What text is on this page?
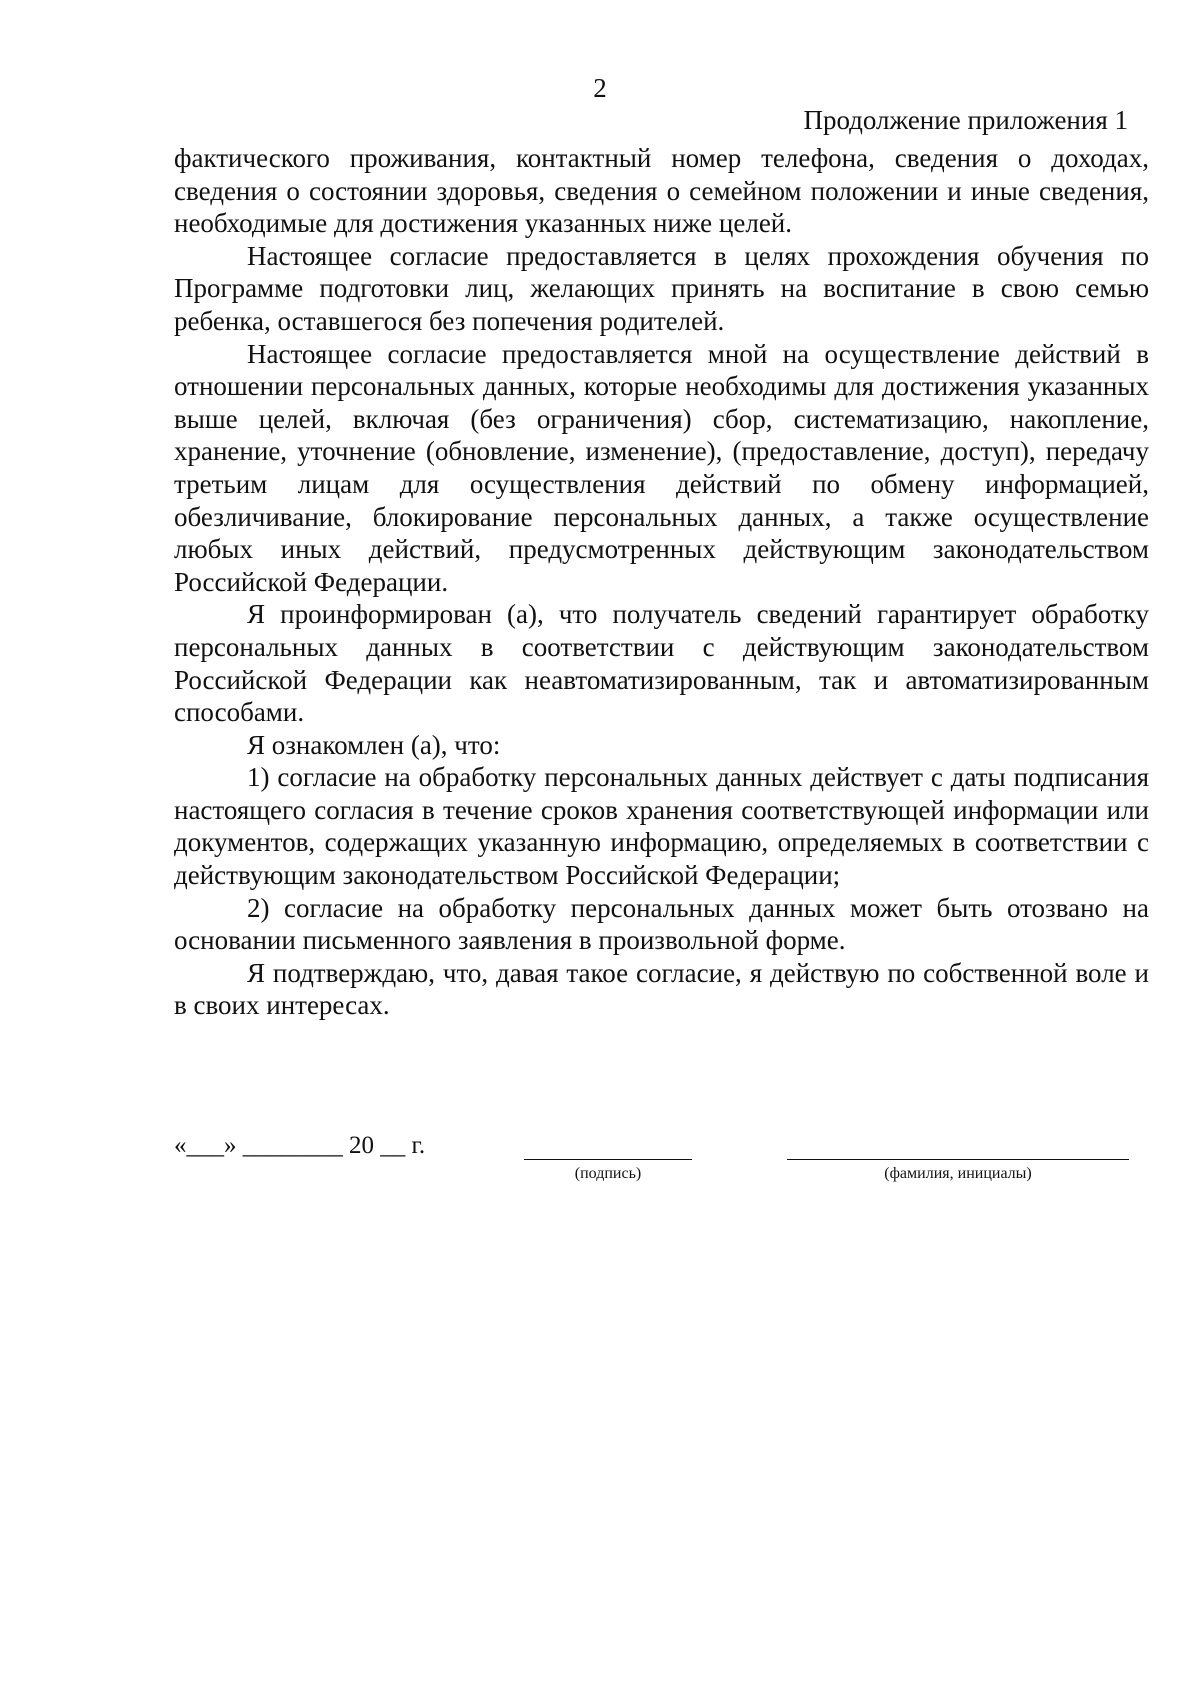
2
Продолжение приложения 1

фактического проживания, контактный номер телефона, сведения о доходах, сведения о состоянии здоровья, сведения о семейном положении и иные сведения, необходимые для достижения указанных ниже целей.

Настоящее согласие предоставляется в целях прохождения обучения по Программе подготовки лиц, желающих принять на воспитание в свою семью ребенка, оставшегося без попечения родителей.

Настоящее согласие предоставляется мной на осуществление действий в отношении персональных данных, которые необходимы для достижения указанных выше целей, включая (без ограничения) сбор, систематизацию, накопление, хранение, уточнение (обновление, изменение), (предоставление, доступ), передачу третьим лицам для осуществления действий по обмену информацией, обезличивание, блокирование персональных данных, а также осуществление любых иных действий, предусмотренных действующим законодательством Российской Федерации.

Я проинформирован (а), что получатель сведений гарантирует обработку персональных данных в соответствии с действующим законодательством Российской Федерации как неавтоматизированным, так и автоматизированным способами.

Я ознакомлен (а), что:

1) согласие на обработку персональных данных действует с даты подписания настоящего согласия в течение сроков хранения соответствующей информации или документов, содержащих указанную информацию, определяемых в соответствии с действующим законодательством Российской Федерации;

2) согласие на обработку персональных данных может быть отозвано на основании письменного заявления в произвольной форме.

Я подтверждаю, что, давая такое согласие, я действую по собственной воле и в своих интересах.

«___» ________ 20 __ г.
(подпись)	(фамилия, инициалы)
